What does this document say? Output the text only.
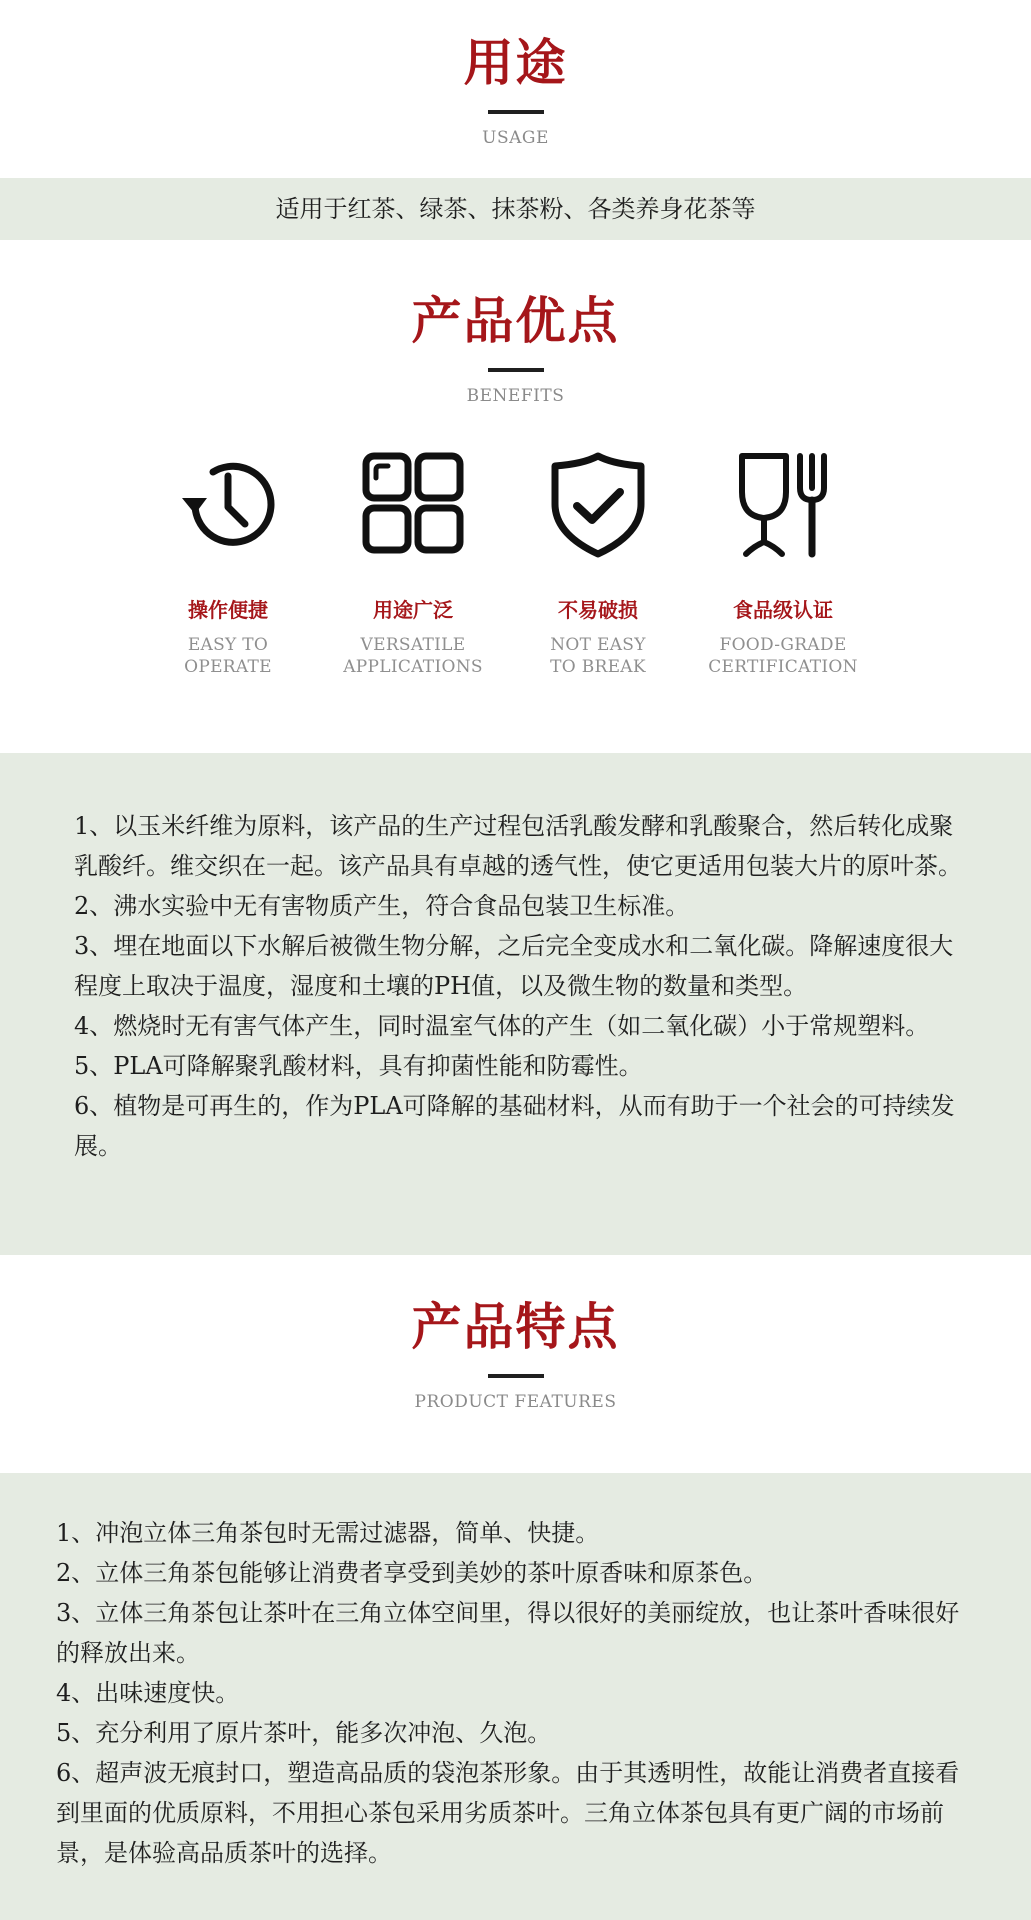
用途
USAGE
适用于红茶、绿茶、抹茶粉、各类养身花茶等
产品优点
BENEFITS
操作便捷
EASY TO
OPERATE
用途广泛
VERSATILE
APPLICATIONS
不易破损
NOT EASY
TO BREAK
食品级认证
FOOD-GRADE
CERTIFICATION

1、以玉米纤维为原料，该产品的生产过程包活乳酸发酵和乳酸聚合，然后转化成聚乳酸纤。维交织在一起。该产品具有卓越的透气性，使它更适用包装大片的原叶茶。

2、沸水实验中无有害物质产生，符合食品包装卫生标准。

3、埋在地面以下水解后被微生物分解，之后完全变成水和二氧化碳。降解速度很大程度上取决于温度，湿度和土壤的PH值，以及微生物的数量和类型。

4、燃烧时无有害气体产生，同时温室气体的产生（如二氧化碳）小于常规塑料。

5、PLA可降解聚乳酸材料，具有抑菌性能和防霉性。

6、植物是可再生的，作为PLA可降解的基础材料，从而有助于一个社会的可持续发展。

产品特点
PRODUCT FEATURES

1、冲泡立体三角茶包时无需过滤器，简单、快捷。

2、立体三角茶包能够让消费者享受到美妙的茶叶原香味和原茶色。

3、立体三角茶包让茶叶在三角立体空间里，得以很好的美丽绽放，也让茶叶香味很好的释放出来。

4、出味速度快。

5、充分利用了原片茶叶，能多次冲泡、久泡。

6、超声波无痕封口，塑造高品质的袋泡茶形象。由于其透明性，故能让消费者直接看到里面的优质原料，不用担心茶包采用劣质茶叶。三角立体茶包具有更广阔的市场前景，是体验高品质茶叶的选择。
